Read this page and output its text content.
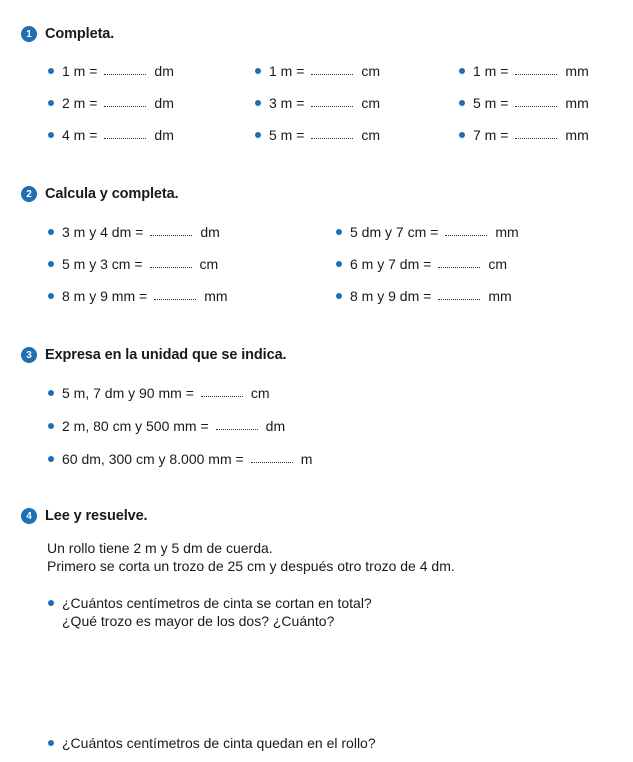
1 Completa.
1 m =	dm	1 m =	cm	1 m =	mm
2 m =	dm	3 m =	cm	5 m =	mm
4 m =	dm	5 m =	cm	7 m =	mm
2 Calcula y completa.
3 m y 4 dm =	dm	5 dm y 7 cm =	mm
5 m y 3 cm =	cm	6 m y 7 dm =	cm
8 m y 9 mm =	mm	8 m y 9 dm =	mm
3 Expresa en la unidad que se indica.
5 m, 7 dm y 90 mm =	cm
2 m, 80 cm y 500 mm =	dm
60 dm, 300 cm y 8.000 mm =	m
4 Lee y resuelve.
Un rollo tiene 2 m y 5 dm de cuerda.
Primero se corta un trozo de 25 cm y después otro trozo de 4 dm.
¿Cuántos centímetros de cinta se cortan en total?
¿Qué trozo es mayor de los dos? ¿Cuánto?
¿Cuántos centímetros de cinta quedan en el rollo?
